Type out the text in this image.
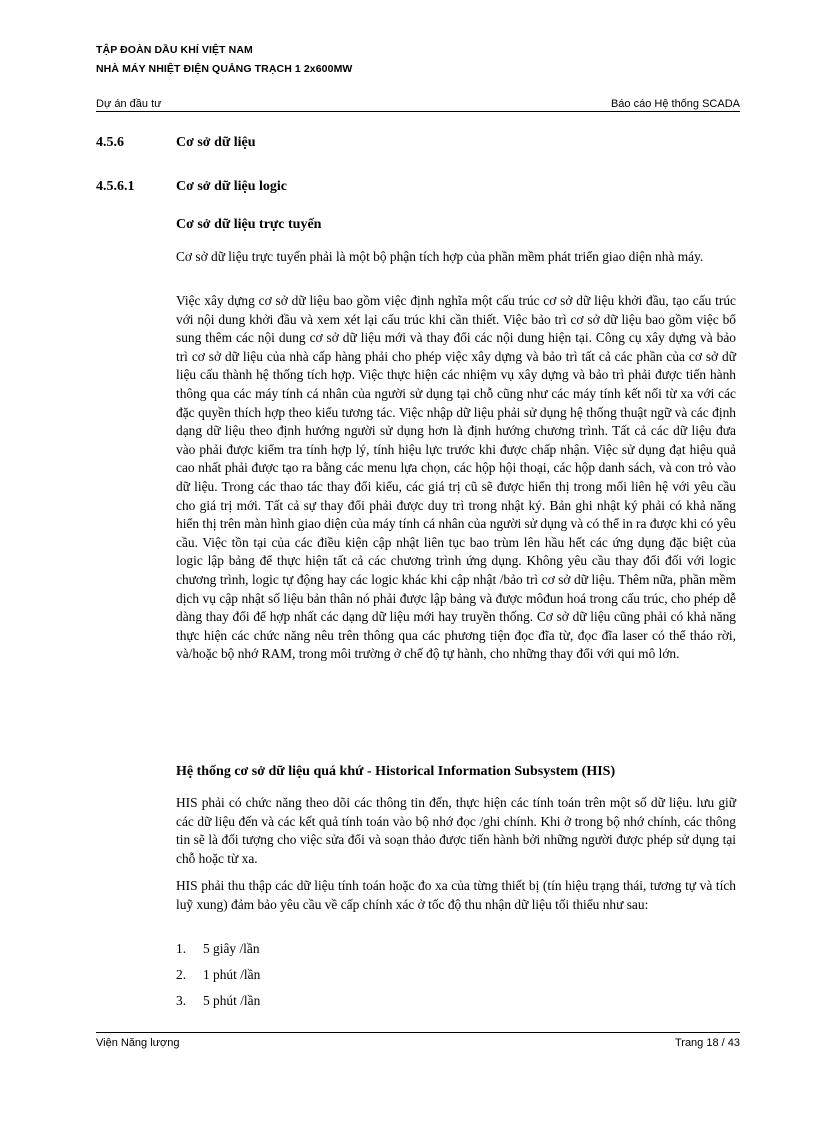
TẬP ĐOÀN DẦU KHÍ VIỆT NAM
NHÀ MÁY NHIỆT ĐIỆN QUẢNG TRẠCH 1 2x600MW
Dự án đầu tư	Báo cáo Hệ thống SCADA
4.5.6	Cơ sở dữ liệu
4.5.6.1	Cơ sở dữ liệu logic
Cơ sở dữ liệu trực tuyến
Cơ sở dữ liệu trực tuyến phải là một bộ phận tích hợp của phần mềm phát triển giao diện nhà máy.
Việc xây dựng cơ sở dữ liệu bao gồm việc định nghĩa một cấu trúc cơ sở dữ liệu khởi đầu, tạo cấu trúc với nội dung khởi đầu và xem xét lại cấu trúc khi cần thiết. Việc bảo trì cơ sở dữ liệu bao gồm việc bổ sung thêm các nội dung cơ sở dữ liệu mới và thay đổi các nội dung hiện tại. Công cụ xây dựng và bảo trì cơ sở dữ liệu của nhà cấp hàng phải cho phép việc xây dựng và bảo trì tất cả các phần của cơ sở dữ liệu cấu thành hệ thống tích hợp. Việc thực hiện các nhiệm vụ xây dựng và bảo trì phải được tiến hành thông qua các máy tính cá nhân của người sử dụng tại chỗ cũng như các máy tính kết nối từ xa với các đặc quyền thích hợp theo kiểu tương tác. Việc nhập dữ liệu phải sử dụng hệ thống thuật ngữ và các định dạng dữ liệu theo định hướng người sử dụng hơn là định hướng chương trình. Tất cả các dữ liệu đưa vào phải được kiểm tra tính hợp lý, tính hiệu lực trước khi được chấp nhận. Việc sử dụng đạt hiệu quả cao nhất phải được tạo ra bằng các menu lựa chọn, các hộp hội thoại, các hộp danh sách, và con trỏ vào dữ liệu. Trong các thao tác thay đổi kiểu, các giá trị cũ sẽ được hiển thị trong mối liên hệ với yêu cầu cho giá trị mới. Tất cả sự thay đổi phải được duy trì trong nhật ký. Bản ghi nhật ký phải có khả năng hiển thị trên màn hình giao diện của máy tính cá nhân của người sử dụng và có thể in ra được khi có yêu cầu. Việc tồn tại của các điều kiện cập nhật liên tục bao trùm lên hầu hết các ứng dụng đặc biệt của logic lập bảng để thực hiện tất cả các chương trình ứng dụng. Không yêu cầu thay đổi đối với logic chương trình, logic tự động hay các logic khác khi cập nhật /bảo trì cơ sở dữ liệu. Thêm nữa, phần mềm dịch vụ cập nhật số liệu bản thân nó phải được lập bảng và được môđun hoá trong cấu trúc, cho phép dễ dàng thay đổi để hợp nhất các dạng dữ liệu mới hay truyền thống. Cơ sở dữ liệu cũng phải có khả năng thực hiện các chức năng nêu trên thông qua các phương tiện đọc đĩa từ, đọc đĩa laser có thể tháo rời, và/hoặc bộ nhớ RAM, trong môi trường ở chế độ tự hành, cho những thay đổi với qui mô lớn.
Hệ thống cơ sở dữ liệu quá khứ - Historical Information Subsystem (HIS)
HIS phải có chức năng theo dõi các thông tin đến, thực hiện các tính toán trên một số dữ liệu. lưu giữ các dữ liệu đến và các kết quả tính toán vào bộ nhớ đọc /ghi chính. Khi ở trong bộ nhớ chính, các thông tin sẽ là đối tượng cho việc sửa đổi và soạn thảo được tiến hành bởi những người được phép sử dụng tại chỗ hoặc từ xa.
HIS phải thu thập các dữ liệu tính toán hoặc đo xa của từng thiết bị (tín hiệu trạng thái, tương tự và tích luỹ xung) đảm bảo yêu cầu về cấp chính xác ở tốc độ thu nhận dữ liệu tối thiểu như sau:
1. 5 giây /lần
2. 1 phút /lần
3. 5 phút /lần
Viện Năng lượng	Trang 18 / 43
